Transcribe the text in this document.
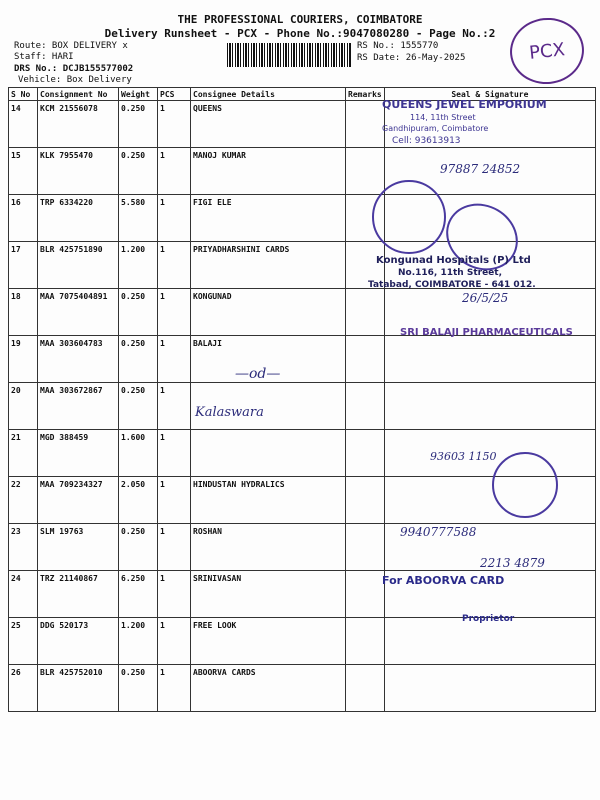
THE PROFESSIONAL COURIERS, COIMBATORE
Delivery Runsheet - PCX - Phone No.:9047080280 - Page No.:2
Route: BOX DELIVERY x
Staff: HARI
DRS No.: DCJB155577002
Vehicle: Box Delivery
RS No.: 1555770
RS Date: 26-May-2025	PCX
S No	Consignment No	Weight	PCS	Consignee Details	Remarks	Seal & Signature
14	KCM 21556078	0.250	1	QUEENS		
15	KLK 7955470	0.250	1	MANOJ KUMAR		
16	TRP 6334220	5.580	1	FIGI ELE		
17	BLR 425751890	1.200	1	PRIYADHARSHINI CARDS		
18	MAA 7075404891	0.250	1	KONGUNAD		
19	MAA 303604783	0.250	1	BALAJI		
20	MAA 303672867	0.250	1			
21	MGD 388459	1.600	1			
22	MAA 709234327	2.050	1	HINDUSTAN HYDRALICS		
23	SLM 19763	0.250	1	ROSHAN		
24	TRZ 21140867	6.250	1	SRINIVASAN		
25	DDG 520173	1.200	1	FREE LOOK		
26	BLR 425752010	0.250	1	ABOORVA CARDS		
QUEENS JEWEL EMPORIUM
114, 11th Street
Gandhipuram, Coimbatore
Cell: 93613913
97887 24852
Kongunad Hospitals (P) Ltd
No.116, 11th Street,
Tatabad, COIMBATORE - 641 012.
26/5/25
SRI BALAJI PHARMACEUTICALS
—od—
Kalaswara
93603 1150
9940777588
2213 4879
For ABOORVA CARD
Proprietor
